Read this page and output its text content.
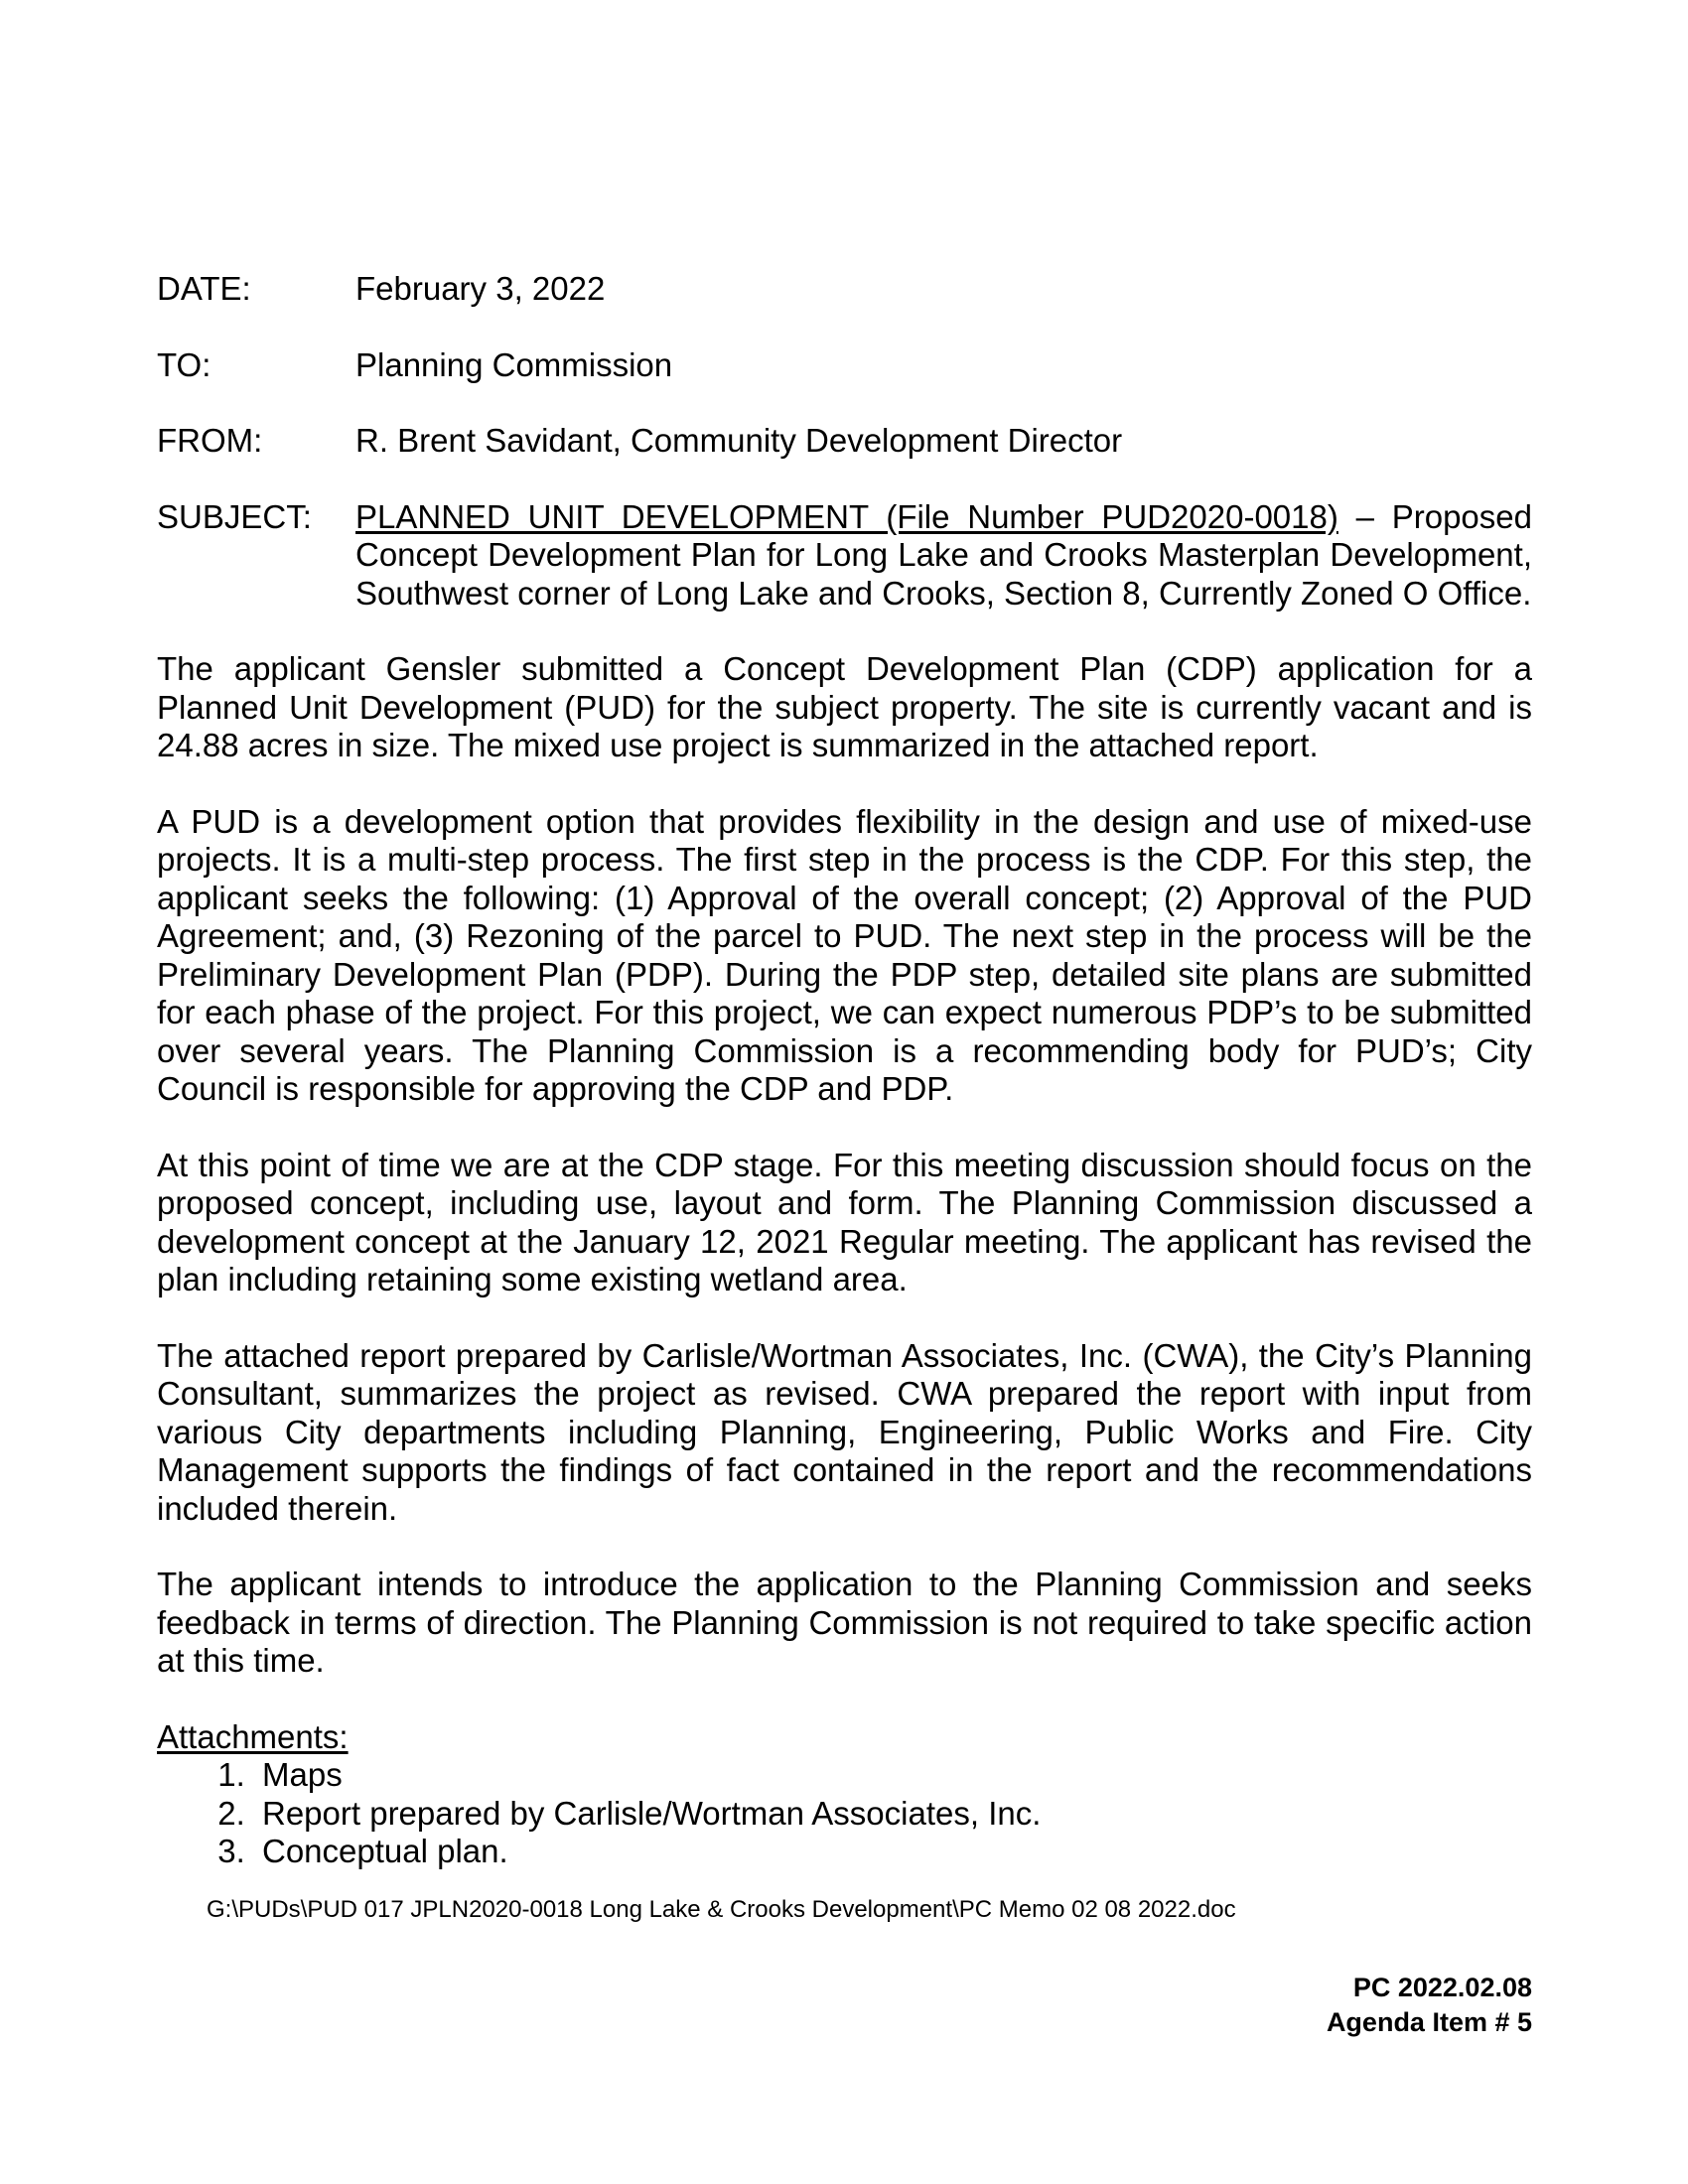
DATE:	February 3, 2022
TO:	Planning Commission
FROM:	R. Brent Savidant, Community Development Director
SUBJECT:	PLANNED UNIT DEVELOPMENT (File Number PUD2020-0018) – Proposed Concept Development Plan for Long Lake and Crooks Masterplan Development, Southwest corner of Long Lake and Crooks, Section 8, Currently Zoned O Office.

The applicant Gensler submitted a Concept Development Plan (CDP) application for a Planned Unit Development (PUD) for the subject property. The site is currently vacant and is 24.88 acres in size. The mixed use project is summarized in the attached report.

A PUD is a development option that provides flexibility in the design and use of mixed-use projects. It is a multi-step process. The first step in the process is the CDP. For this step, the applicant seeks the following: (1) Approval of the overall concept; (2) Approval of the PUD Agreement; and, (3) Rezoning of the parcel to PUD. The next step in the process will be the Preliminary Development Plan (PDP). During the PDP step, detailed site plans are submitted for each phase of the project. For this project, we can expect numerous PDP’s to be submitted over several years. The Planning Commission is a recommending body for PUD’s; City Council is responsible for approving the CDP and PDP.

At this point of time we are at the CDP stage. For this meeting discussion should focus on the proposed concept, including use, layout and form. The Planning Commission discussed a development concept at the January 12, 2021 Regular meeting. The applicant has revised the plan including retaining some existing wetland area.

The attached report prepared by Carlisle/Wortman Associates, Inc. (CWA), the City’s Planning Consultant, summarizes the project as revised. CWA prepared the report with input from various City departments including Planning, Engineering, Public Works and Fire. City Management supports the findings of fact contained in the report and the recommendations included therein.

The applicant intends to introduce the application to the Planning Commission and seeks feedback in terms of direction. The Planning Commission is not required to take specific action at this time.

Attachments:
1. Maps
2. Report prepared by Carlisle/Wortman Associates, Inc.
3. Conceptual plan.
G:\PUDs\PUD 017 JPLN2020-0018 Long Lake & Crooks Development\PC Memo 02 08 2022.doc
PC 2022.02.08
Agenda Item # 5
